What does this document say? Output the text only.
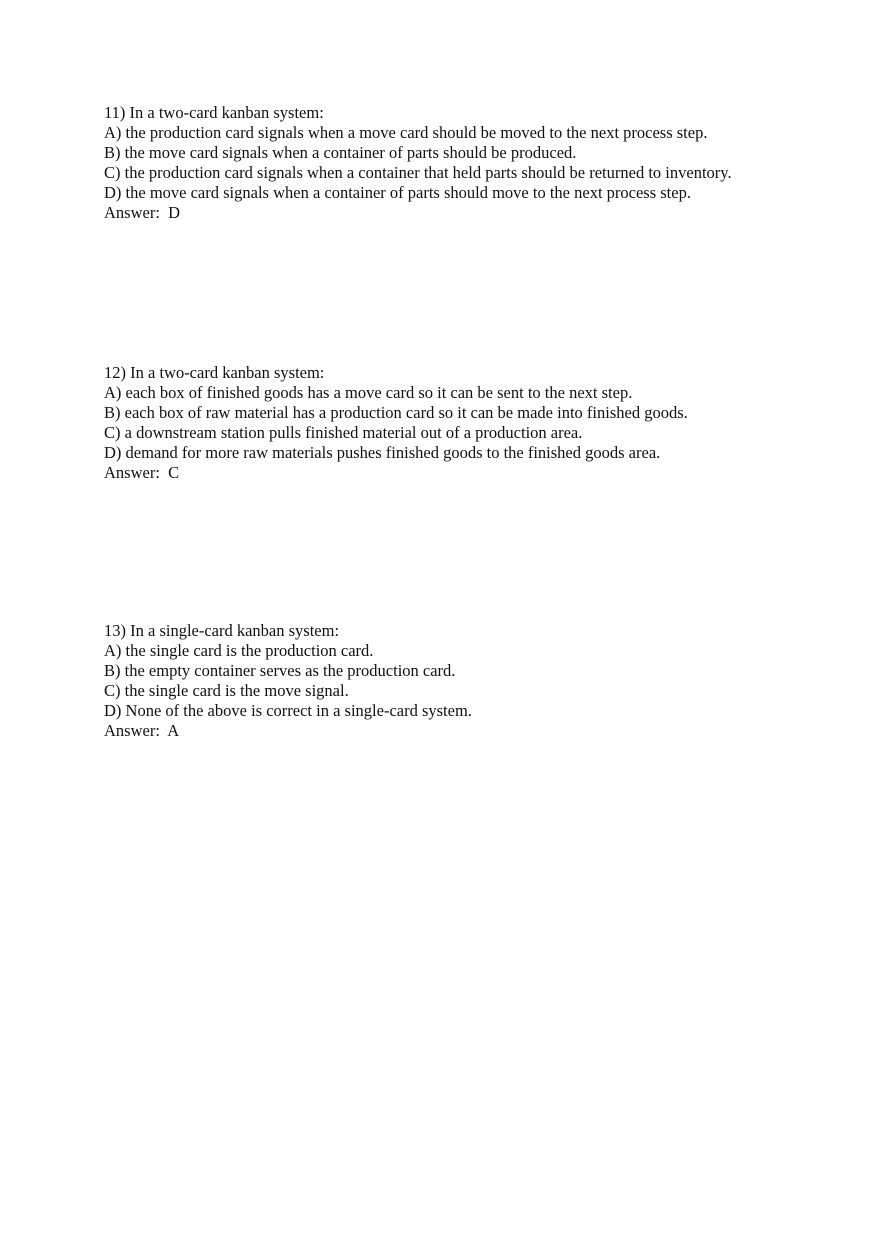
11) In a two-card kanban system:
A) the production card signals when a move card should be moved to the next process step.
B) the move card signals when a container of parts should be produced.
C) the production card signals when a container that held parts should be returned to inventory.
D) the move card signals when a container of parts should move to the next process step.
Answer:  D
12) In a two-card kanban system:
A) each box of finished goods has a move card so it can be sent to the next step.
B) each box of raw material has a production card so it can be made into finished goods.
C) a downstream station pulls finished material out of a production area.
D) demand for more raw materials pushes finished goods to the finished goods area.
Answer:  C
13) In a single-card kanban system:
A) the single card is the production card.
B) the empty container serves as the production card.
C) the single card is the move signal.
D) None of the above is correct in a single-card system.
Answer:  A
